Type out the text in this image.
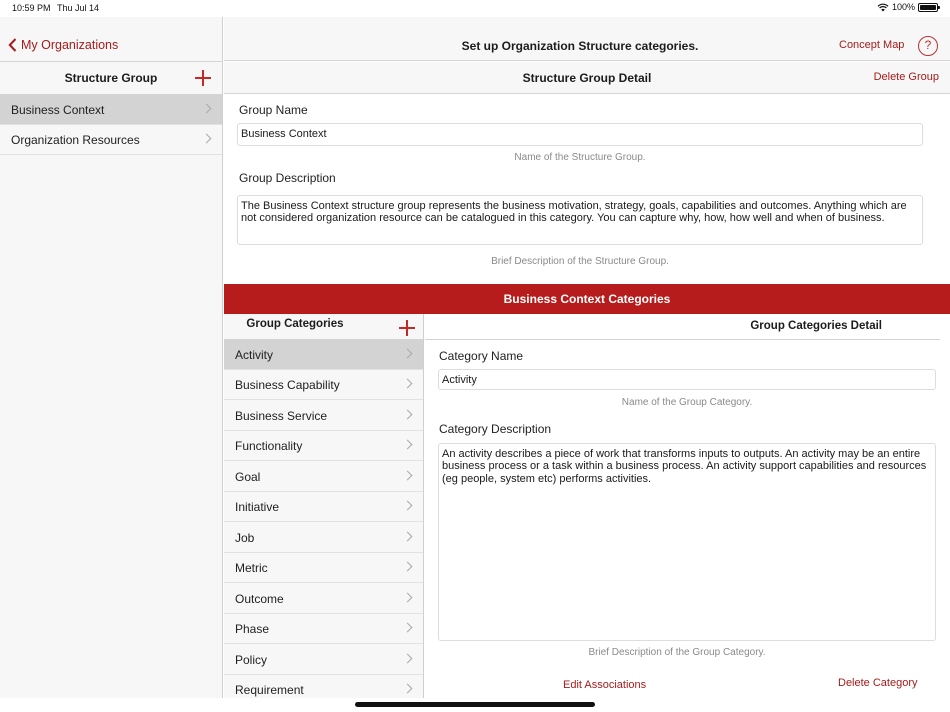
10:59 PM Thu Jul 14	100%
My Organizations
Structure Group
Business Context
Organization Resources
Set up Organization Structure categories.	Concept Map	?
Structure Group Detail	Delete Group
Group Name
Business Context
Name of the Structure Group.
Group Description
The Business Context structure group represents the business motivation, strategy, goals, capabilities and outcomes. Anything which are not considered organization resource can be catalogued in this category. You can capture why, how, how well and when of business.
Brief Description of the Structure Group.
Business Context Categories
Group Categories
Activity
Business Capability
Business Service
Functionality
Goal
Initiative
Job
Metric
Outcome
Phase
Policy
Requirement
Group Categories Detail
Category Name
Activity
Name of the Group Category.
Category Description
An activity describes a piece of work that transforms inputs to outputs. An activity may be an entire business process or a task within a business process. An activity support capabilities and resources (eg people, system etc) performs activities.
Brief Description of the Group Category.
Edit Associations	Delete Category
